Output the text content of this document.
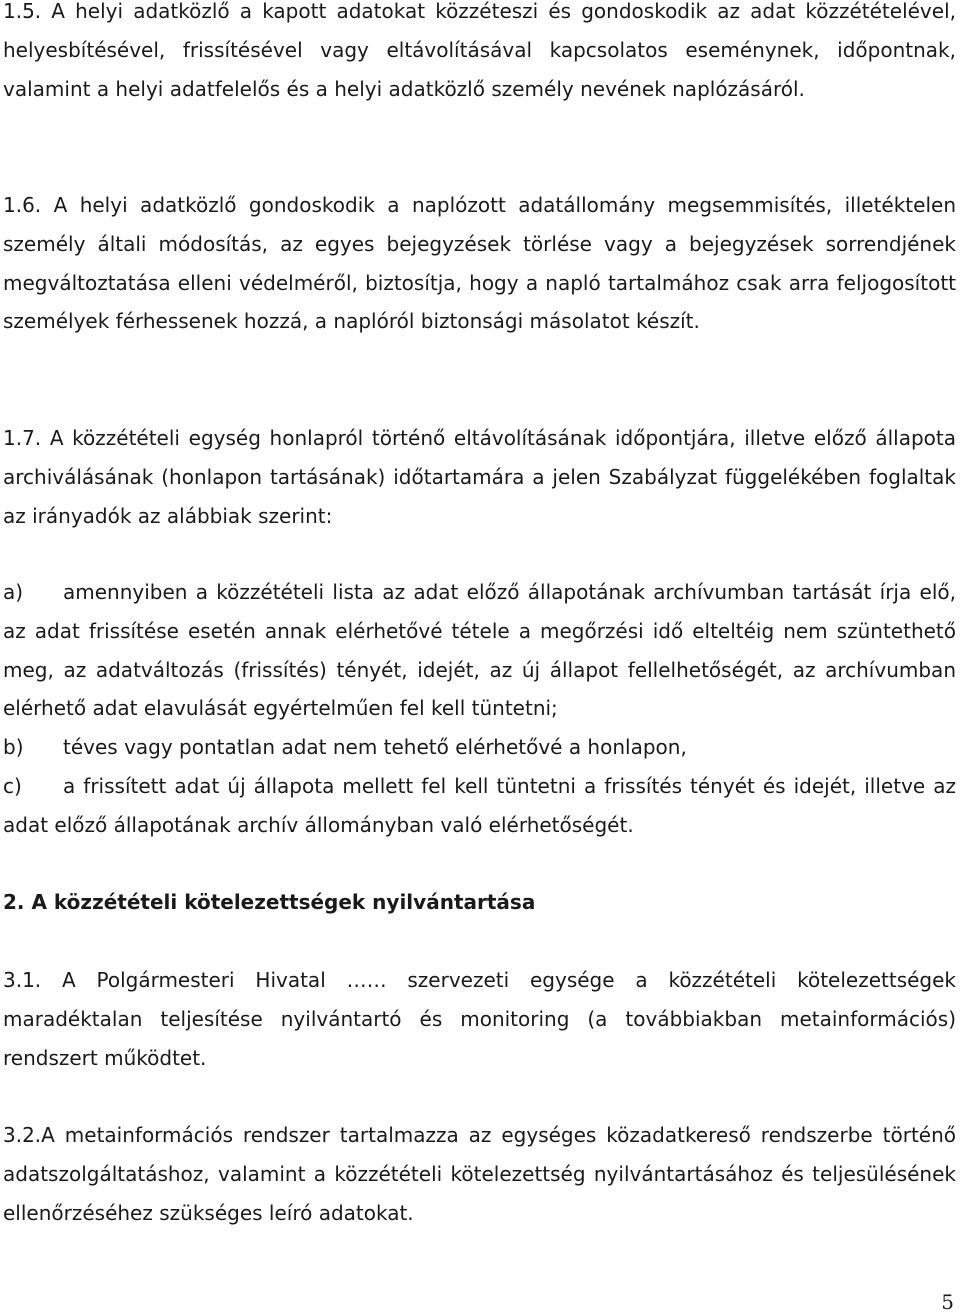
1.5. A helyi adatközlő a kapott adatokat közzéteszi és gondoskodik az adat közzétételével, helyesbítésével, frissítésével vagy eltávolításával kapcsolatos eseménynek, időpontnak, valamint a helyi adatfelelős és a helyi adatközlő személy nevének naplózásáról.

1.6. A helyi adatközlő gondoskodik a naplózott adatállomány megsemmisítés, illetéktelen személy általi módosítás, az egyes bejegyzések törlése vagy a bejegyzések sorrendjének megváltoztatása elleni védelméről, biztosítja, hogy a napló tartalmához csak arra feljogosított személyek férhessenek hozzá, a naplóról biztonsági másolatot készít.

1.7. A közzétételi egység honlapról történő eltávolításának időpontjára, illetve előző állapota archiválásának (honlapon tartásának) időtartamára a jelen Szabályzat függelékében foglaltak az irányadók az alábbiak szerint:

a) amennyiben a közzétételi lista az adat előző állapotának archívumban tartását írja elő, az adat frissítése esetén annak elérhetővé tétele a megőrzési idő elteltéig nem szüntethető meg, az adatváltozás (frissítés) tényét, idejét, az új állapot fellelhetőségét, az archívumban elérhető adat elavulását egyértelműen fel kell tüntetni;

b) téves vagy pontatlan adat nem tehető elérhetővé a honlapon,

c) a frissített adat új állapota mellett fel kell tüntetni a frissítés tényét és idejét, illetve az adat előző állapotának archív állományban való elérhetőségét.

2. A közzétételi kötelezettségek nyilvántartása

3.1. A Polgármesteri Hivatal …… szervezeti egysége a közzétételi kötelezettségek maradéktalan teljesítése nyilvántartó és monitoring (a továbbiakban metainformációs) rendszert működtet.

3.2.A metainformációs rendszer tartalmazza az egységes közadatkereső rendszerbe történő adatszolgáltatáshoz, valamint a közzétételi kötelezettség nyilvántartásához és teljesülésének ellenőrzéséhez szükséges leíró adatokat.

5
